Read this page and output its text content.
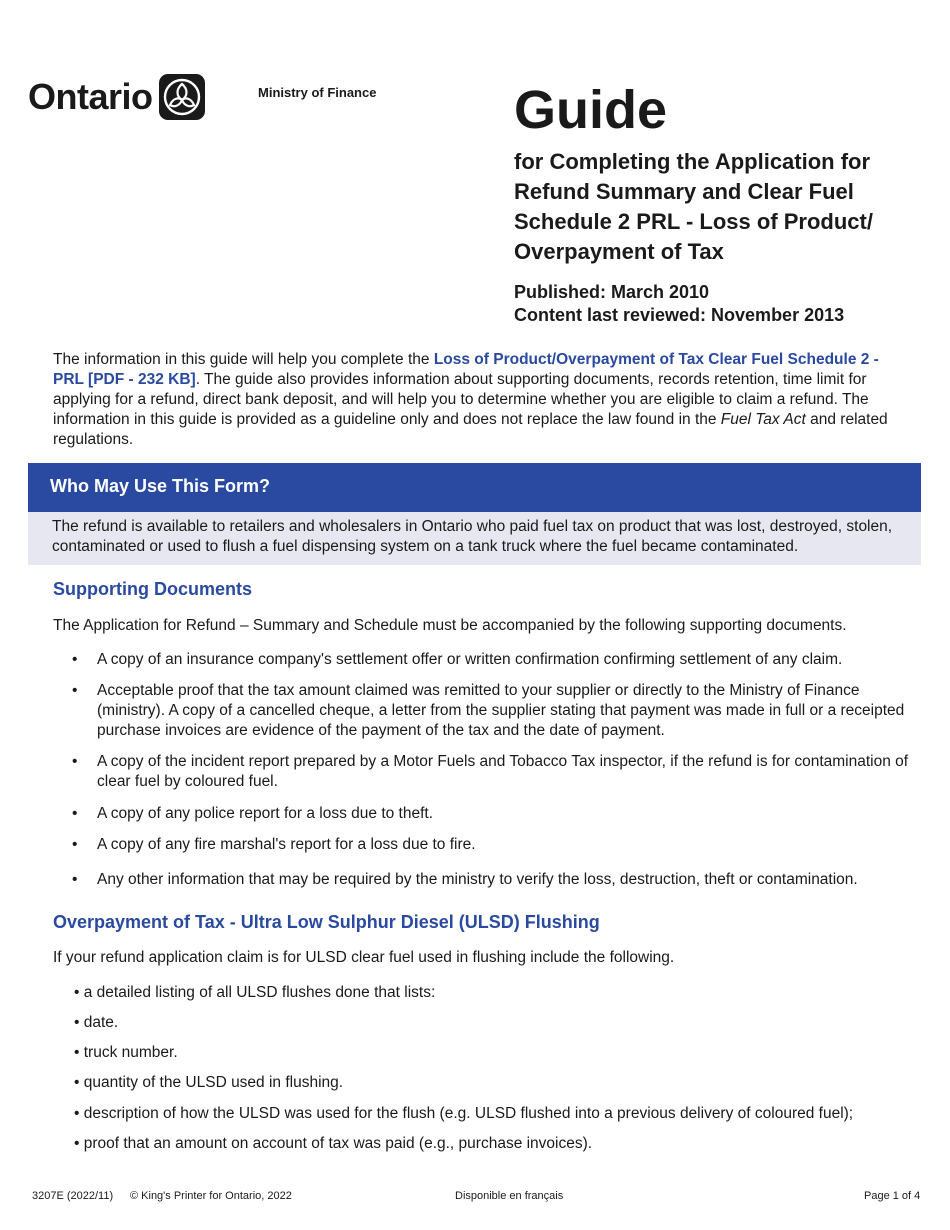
Ontario	Ministry of Finance	Guide
for Completing the Application for Refund Summary and Clear Fuel Schedule 2 PRL - Loss of Product/ Overpayment of Tax
Published: March 2010
Content last reviewed: November 2013
The information in this guide will help you complete the Loss of Product/Overpayment of Tax Clear Fuel Schedule 2 - PRL [PDF - 232 KB]. The guide also provides information about supporting documents, records retention, time limit for applying for a refund, direct bank deposit, and will help you to determine whether you are eligible to claim a refund. The information in this guide is provided as a guideline only and does not replace the law found in the Fuel Tax Act and related regulations.
Who May Use This Form?
The refund is available to retailers and wholesalers in Ontario who paid fuel tax on product that was lost, destroyed, stolen, contaminated or used to flush a fuel dispensing system on a tank truck where the fuel became contaminated.
Supporting Documents
The Application for Refund – Summary and Schedule must be accompanied by the following supporting documents.
•	A copy of an insurance company's settlement offer or written confirmation confirming settlement of any claim.
•	Acceptable proof that the tax amount claimed was remitted to your supplier or directly to the Ministry of Finance (ministry). A copy of a cancelled cheque, a letter from the supplier stating that payment was made in full or a receipted purchase invoices are evidence of the payment of the tax and the date of payment.
•	A copy of the incident report prepared by a Motor Fuels and Tobacco Tax inspector, if the refund is for contamination of clear fuel by coloured fuel.
•	A copy of any police report for a loss due to theft.
•	A copy of any fire marshal's report for a loss due to fire.
•	Any other information that may be required by the ministry to verify the loss, destruction, theft or contamination.
Overpayment of Tax - Ultra Low Sulphur Diesel (ULSD) Flushing
If your refund application claim is for ULSD clear fuel used in flushing include the following.
• a detailed listing of all ULSD flushes done that lists:
• date.
• truck number.
• quantity of the ULSD used in flushing.
• description of how the ULSD was used for the flush (e.g. ULSD flushed into a previous delivery of coloured fuel);
• proof that an amount on account of tax was paid (e.g., purchase invoices).
3207E (2022/11) © King's Printer for Ontario, 2022	Disponible en français	Page 1 of 4
